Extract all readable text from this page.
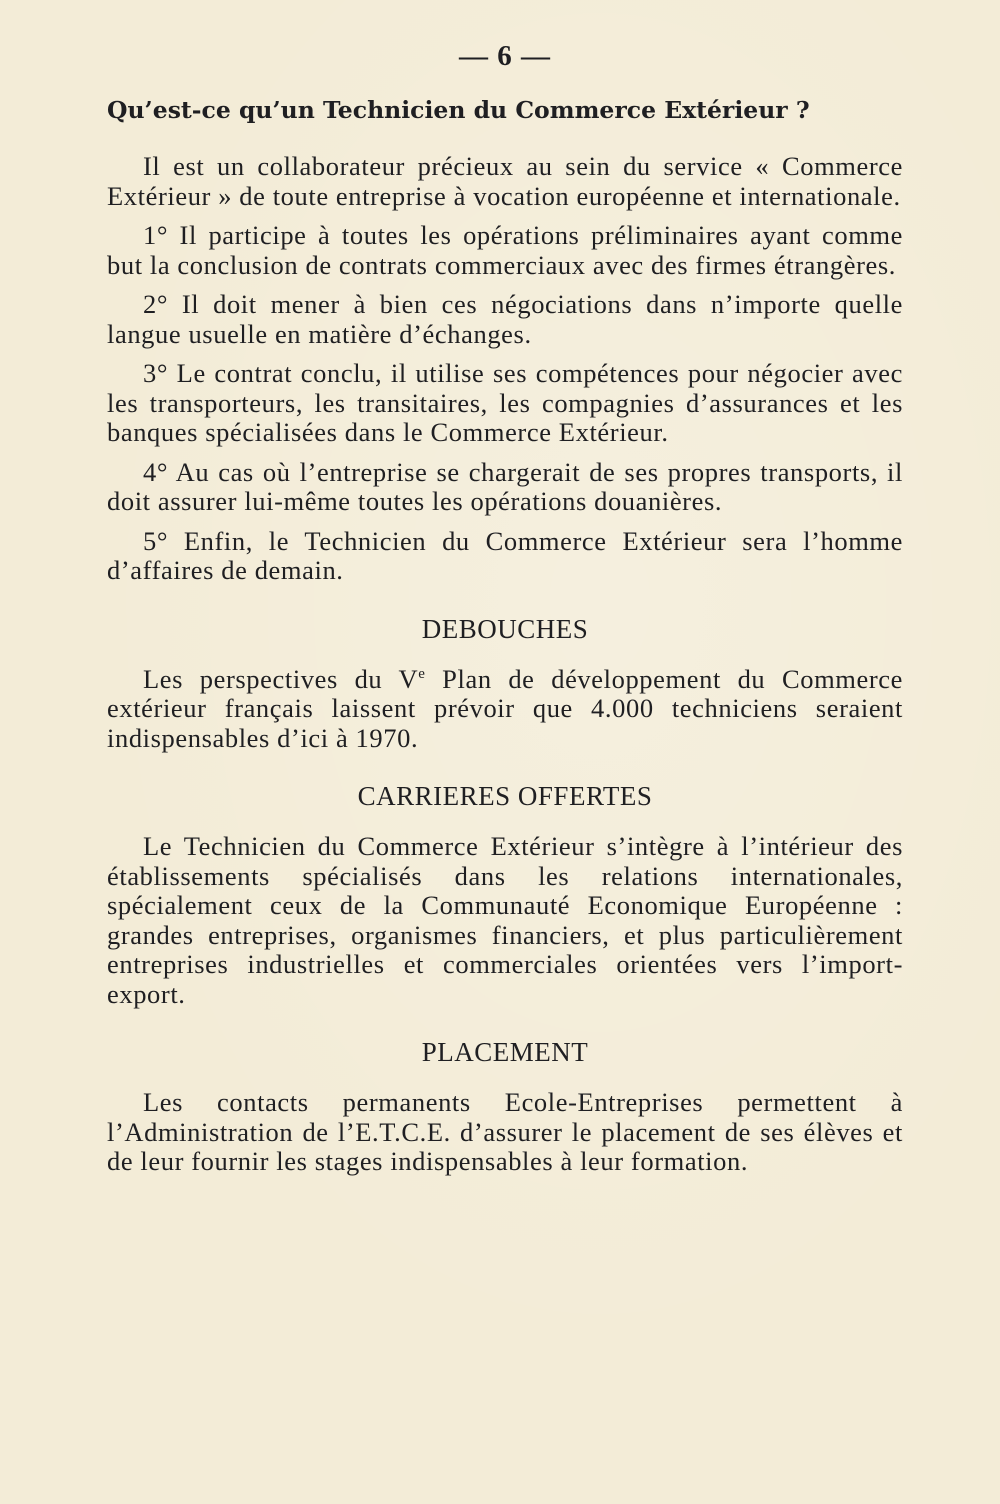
— 6 —
Qu’est-ce qu’un Technicien du Commerce Extérieur ?

Il est un collaborateur précieux au sein du service « Commerce Extérieur » de toute entreprise à vocation européenne et internationale.

1° Il participe à toutes les opérations préliminaires ayant comme but la conclusion de contrats commerciaux avec des firmes étrangères.

2° Il doit mener à bien ces négociations dans n’importe quelle langue usuelle en matière d’échanges.

3° Le contrat conclu, il utilise ses compétences pour négocier avec les transporteurs, les transitaires, les compagnies d’assurances et les banques spécialisées dans le Commerce Extérieur.

4° Au cas où l’entreprise se chargerait de ses propres transports, il doit assurer lui-même toutes les opérations douanières.

5° Enfin, le Technicien du Commerce Extérieur sera l’homme d’affaires de demain.

DEBOUCHES

Les perspectives du Ve Plan de développement du Commerce extérieur français laissent prévoir que 4.000 techniciens seraient indispensables d’ici à 1970.

CARRIERES OFFERTES

Le Technicien du Commerce Extérieur s’intègre à l’intérieur des établissements spécialisés dans les relations internationales, spécialement ceux de la Communauté Economique Européenne : grandes entreprises, organismes financiers, et plus particulièrement entreprises industrielles et commerciales orientées vers l’import-export.

PLACEMENT

Les contacts permanents Ecole-Entreprises permettent à l’Administration de l’E.T.C.E. d’assurer le placement de ses élèves et de leur fournir les stages indispensables à leur formation.
